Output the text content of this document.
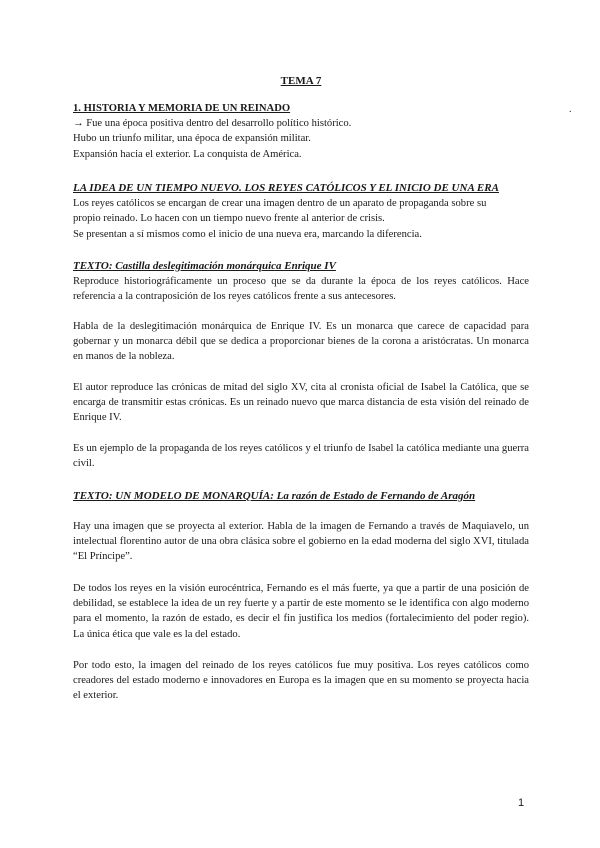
TEMA 7
1. HISTORIA Y MEMORIA DE UN REINADO
→ Fue una época positiva dentro del desarrollo político histórico.
Hubo un triunfo militar, una época de expansión militar.
Expansión hacia el exterior. La conquista de América.
.
LA IDEA DE UN TIEMPO NUEVO. LOS REYES CATÓLICOS Y EL INICIO DE UNA ERA
Los reyes católicos se encargan de crear una imagen dentro de un aparato de propaganda sobre su
propio reinado. Lo hacen con un tiempo nuevo frente al anterior de crisis.
Se presentan a sí mismos como el inicio de una nueva era, marcando la diferencia.
TEXTO: Castilla deslegitimación monárquica Enrique IV

Reproduce historiográficamente un proceso que se da durante la época de los reyes católicos. Hace referencia a la contraposición de los reyes católicos frente a sus antecesores.

Habla de la deslegitimación monárquica de Enrique IV. Es un monarca que carece de capacidad para gobernar y un monarca débil que se dedica a proporcionar bienes de la corona a aristócratas. Un monarca en manos de la nobleza.

El autor reproduce las crónicas de mitad del siglo XV, cita al cronista oficial de Isabel la Católica, que se encarga de transmitir estas crónicas. Es un reinado nuevo que marca distancia de esta visión del reinado de Enrique IV.

Es un ejemplo de la propaganda de los reyes católicos y el triunfo de Isabel la católica mediante una guerra civil.

TEXTO: UN MODELO DE MONARQUÍA: La razón de Estado de Fernando de Aragón

Hay una imagen que se proyecta al exterior. Habla de la imagen de Fernando a través de Maquiavelo, un intelectual florentino autor de una obra clásica sobre el gobierno en la edad moderna del siglo XVI, titulada “El Príncipe”.

De todos los reyes en la visión eurocéntrica, Fernando es el más fuerte, ya que a partir de una posición de debilidad, se establece la idea de un rey fuerte y a partir de este momento se le identifica con algo moderno para el momento, la razón de estado, es decir el fin justifica los medios (fortalecimiento del poder regio). La única ética que vale es la del estado.

Por todo esto, la imagen del reinado de los reyes católicos fue muy positiva. Los reyes católicos como creadores del estado moderno e innovadores en Europa es la imagen que en su momento se proyecta hacia el exterior.

1
